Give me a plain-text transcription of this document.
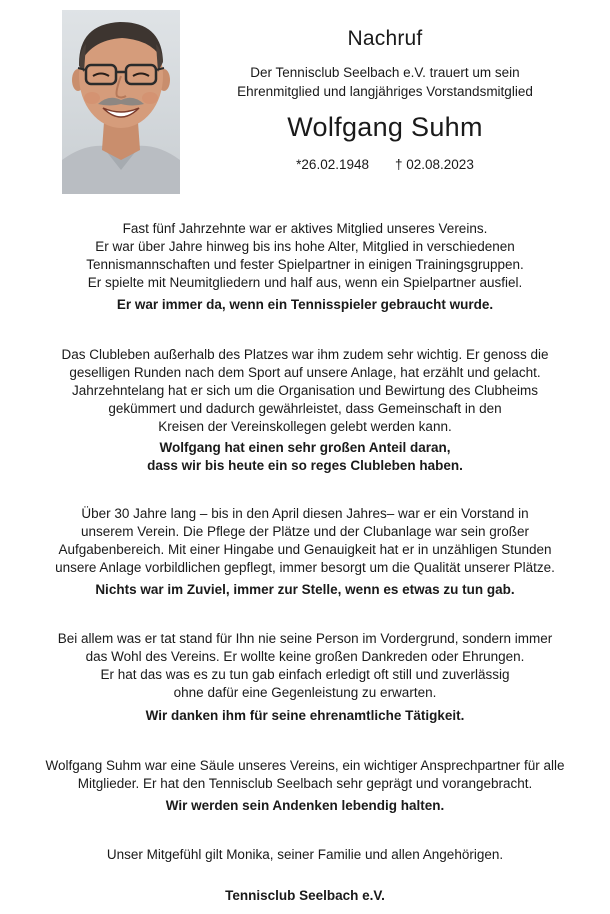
Nachruf
Der Tennisclub Seelbach e.V. trauert um sein
Ehrenmitglied und langjähriges Vorstandsmitglied
Wolfgang Suhm
*26.02.1948 † 02.08.2023
Fast fünf Jahrzehnte war er aktives Mitglied unseres Vereins.
Er war über Jahre hinweg bis ins hohe Alter, Mitglied in verschiedenen
Tennismannschaften und fester Spielpartner in einigen Trainingsgruppen.
Er spielte mit Neumitgliedern und half aus, wenn ein Spielpartner ausfiel.
Er war immer da, wenn ein Tennisspieler gebraucht wurde.
Das Clubleben außerhalb des Platzes war ihm zudem sehr wichtig. Er genoss die
geselligen Runden nach dem Sport auf unsere Anlage, hat erzählt und gelacht.
Jahrzehntelang hat er sich um die Organisation und Bewirtung des Clubheims
gekümmert und dadurch gewährleistet, dass Gemeinschaft in den
Kreisen der Vereinskollegen gelebt werden kann.
Wolfgang hat einen sehr großen Anteil daran,
dass wir bis heute ein so reges Clubleben haben.
Über 30 Jahre lang – bis in den April diesen Jahres– war er ein Vorstand in
unserem Verein. Die Pflege der Plätze und der Clubanlage war sein großer
Aufgabenbereich. Mit einer Hingabe und Genauigkeit hat er in unzähligen Stunden
unsere Anlage vorbildlichen gepflegt, immer besorgt um die Qualität unserer Plätze.
Nichts war im Zuviel, immer zur Stelle, wenn es etwas zu tun gab.
Bei allem was er tat stand für Ihn nie seine Person im Vordergrund, sondern immer
das Wohl des Vereins. Er wollte keine großen Dankreden oder Ehrungen.
Er hat das was es zu tun gab einfach erledigt oft still und zuverlässig
ohne dafür eine Gegenleistung zu erwarten.
Wir danken ihm für seine ehrenamtliche Tätigkeit.
Wolfgang Suhm war eine Säule unseres Vereins, ein wichtiger Ansprechpartner für alle
Mitglieder. Er hat den Tennisclub Seelbach sehr geprägt und vorangebracht.
Wir werden sein Andenken lebendig halten.
Unser Mitgefühl gilt Monika, seiner Familie und allen Angehörigen.
Tennisclub Seelbach e.V.
